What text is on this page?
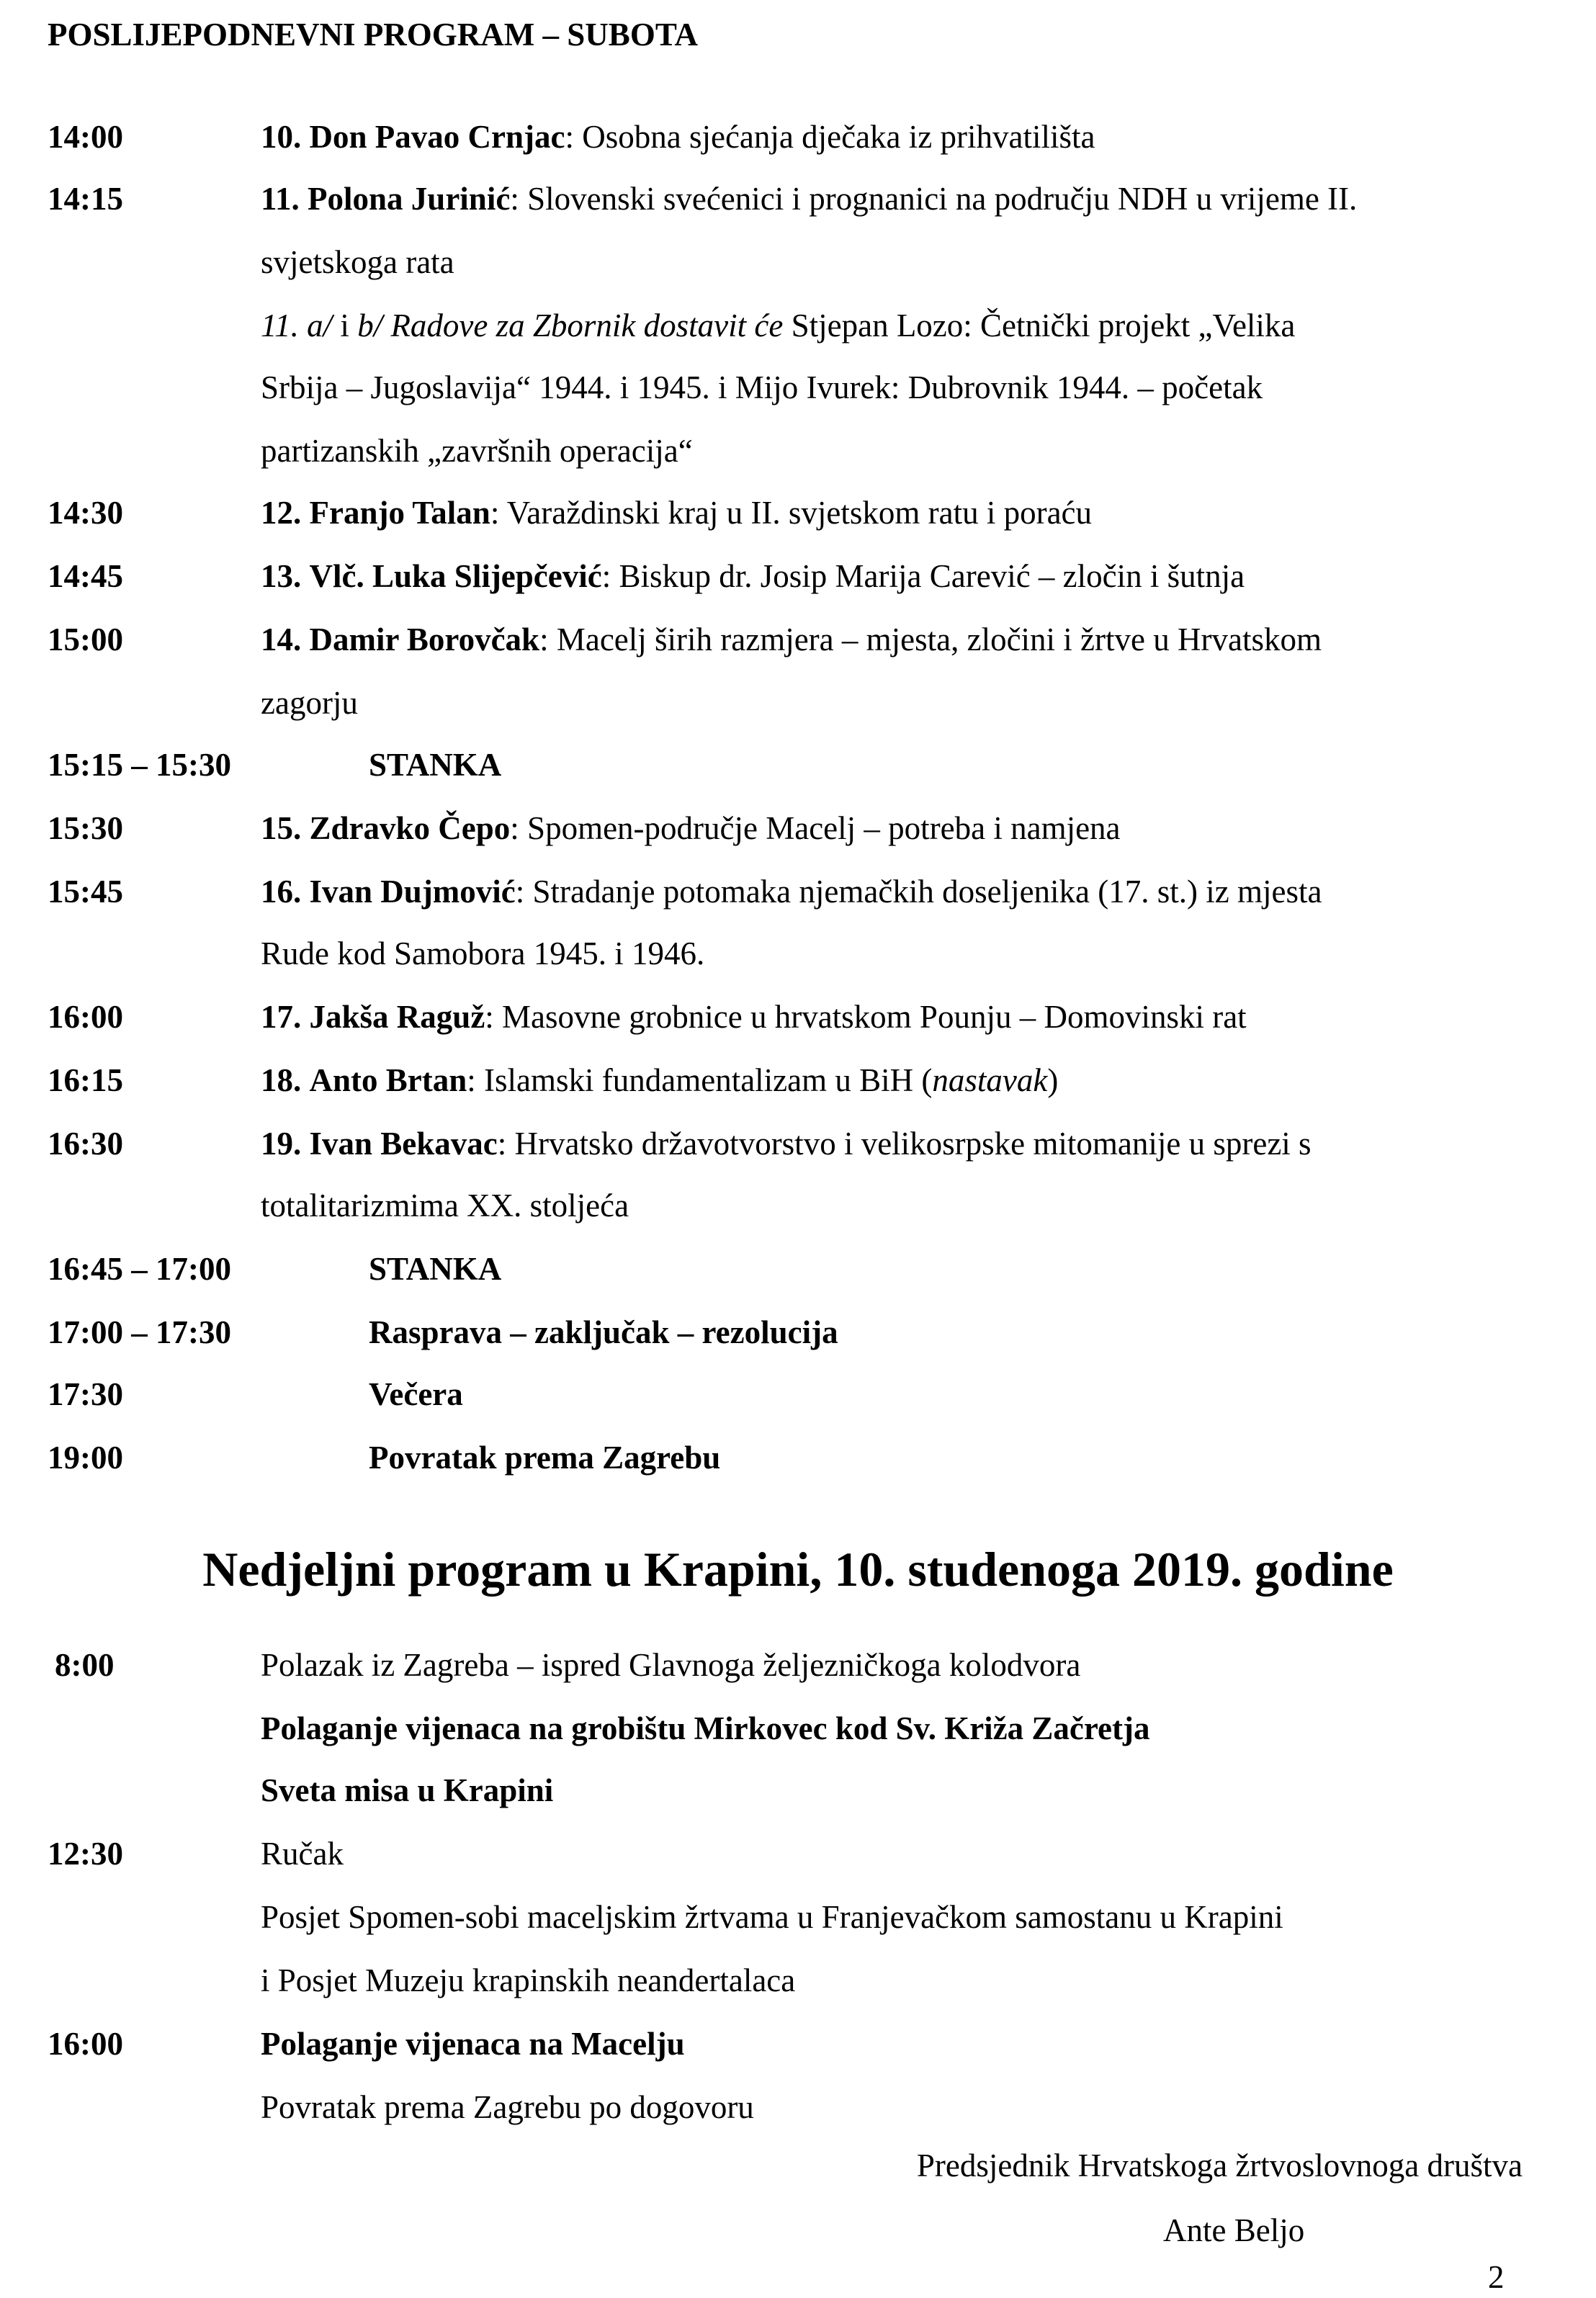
POSLIJEPODNEVNI PROGRAM – SUBOTA
14:00	10. Don Pavao Crnjac: Osobna sjećanja dječaka iz prihvatilišta
14:15	11. Polona Jurinić: Slovenski svećenici i prognanici na području NDH u vrijeme II.
svjetskoga rata
11. a/ i b/ Radove za Zbornik dostavit će Stjepan Lozo: Četnički projekt „Velika
Srbija – Jugoslavija“ 1944. i 1945. i Mijo Ivurek: Dubrovnik 1944. – početak
partizanskih „završnih operacija“
14:30	12. Franjo Talan: Varaždinski kraj u II. svjetskom ratu i poraću
14:45	13. Vlč. Luka Slijepčević: Biskup dr. Josip Marija Carević – zločin i šutnja
15:00	14. Damir Borovčak: Macelj širih razmjera – mjesta, zločini i žrtve u Hrvatskom
zagorju
15:15 – 15:30	STANKA
15:30	15. Zdravko Čepo: Spomen-područje Macelj – potreba i namjena
15:45	16. Ivan Dujmović: Stradanje potomaka njemačkih doseljenika (17. st.) iz mjesta
Rude kod Samobora 1945. i 1946.
16:00	17. Jakša Raguž: Masovne grobnice u hrvatskom Pounju – Domovinski rat
16:15	18. Anto Brtan: Islamski fundamentalizam u BiH (nastavak)
16:30	19. Ivan Bekavac: Hrvatsko državotvorstvo i velikosrpske mitomanije u sprezi s
totalitarizmima XX. stoljeća
16:45 – 17:00	STANKA
17:00 – 17:30	Rasprava – zaključak – rezolucija
17:30	Večera
19:00	Povratak prema Zagrebu
Nedjeljni program u Krapini, 10. studenoga 2019. godine
8:00	Polazak iz Zagreba – ispred Glavnoga željezničkoga kolodvora
Polaganje vijenaca na grobištu Mirkovec kod Sv. Križa Začretja
Sveta misa u Krapini
12:30	Ručak
Posjet Spomen-sobi maceljskim žrtvama u Franjevačkom samostanu u Krapini
i Posjet Muzeju krapinskih neandertalaca
16:00	Polaganje vijenaca na Macelju
Povratak prema Zagrebu po dogovoru
Predsjednik Hrvatskoga žrtvoslovnoga društva
Ante Beljo
2
